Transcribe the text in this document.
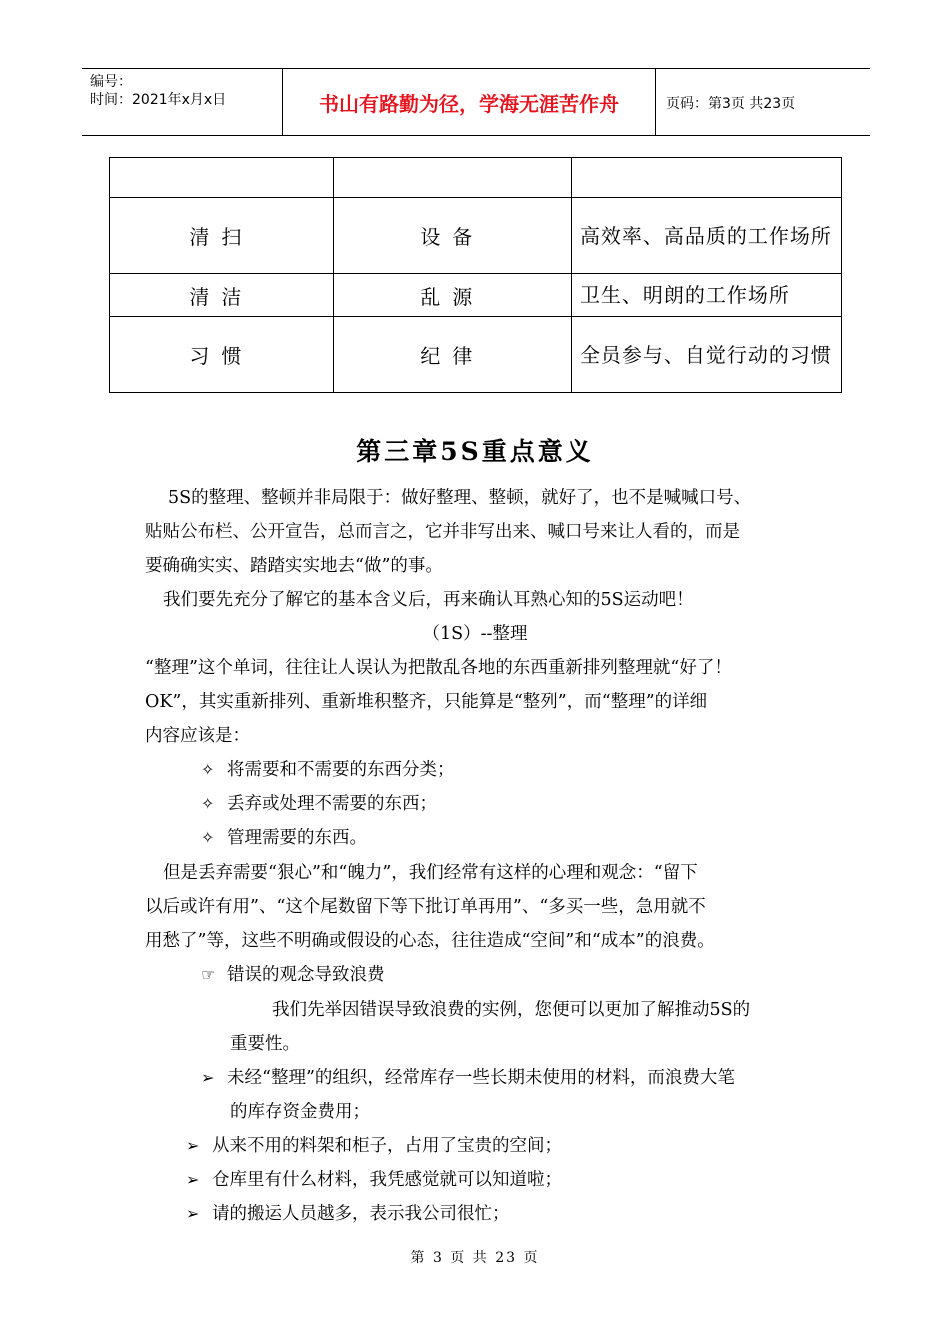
编号：
时间：2021年x月x日	书山有路勤为径，学海无涯苦作舟	页码：第3页 共23页

清扫	设备	高效率、高品质的工作场所
清洁	乱源	卫生、明朗的工作场所
习惯	纪律	全员参与、自觉行动的习惯
第三章5S重点意义
5S的整理、整顿并非局限于：做好整理、整顿，就好了，也不是喊喊口号、
贴贴公布栏、公开宣告，总而言之，它并非写出来、喊口号来让人看的，而是
要确确实实、踏踏实实地去“做”的事。
我们要先充分了解它的基本含义后，再来确认耳熟心知的5S运动吧！
（1S）--整理
“整理”这个单词，往往让人误认为把散乱各地的东西重新排列整理就“好了！
OK”，其实重新排列、重新堆积整齐，只能算是“整列”，而“整理”的详细
内容应该是：
✧ 将需要和不需要的东西分类；
✧ 丢弃或处理不需要的东西；
✧ 管理需要的东西。
但是丢弃需要“狠心”和“魄力”，我们经常有这样的心理和观念：“留下
以后或许有用”、“这个尾数留下等下批订单再用”、“多买一些，急用就不
用愁了”等，这些不明确或假设的心态，往往造成“空间”和“成本”的浪费。
☞ 错误的观念导致浪费
我们先举因错误导致浪费的实例，您便可以更加了解推动5S的
重要性。
➢ 未经“整理”的组织，经常库存一些长期未使用的材料，而浪费大笔
的库存资金费用；
➢ 从来不用的料架和柜子，占用了宝贵的空间；
➢ 仓库里有什么材料，我凭感觉就可以知道啦；
➢ 请的搬运人员越多，表示我公司很忙；
第 3 页 共 23 页
